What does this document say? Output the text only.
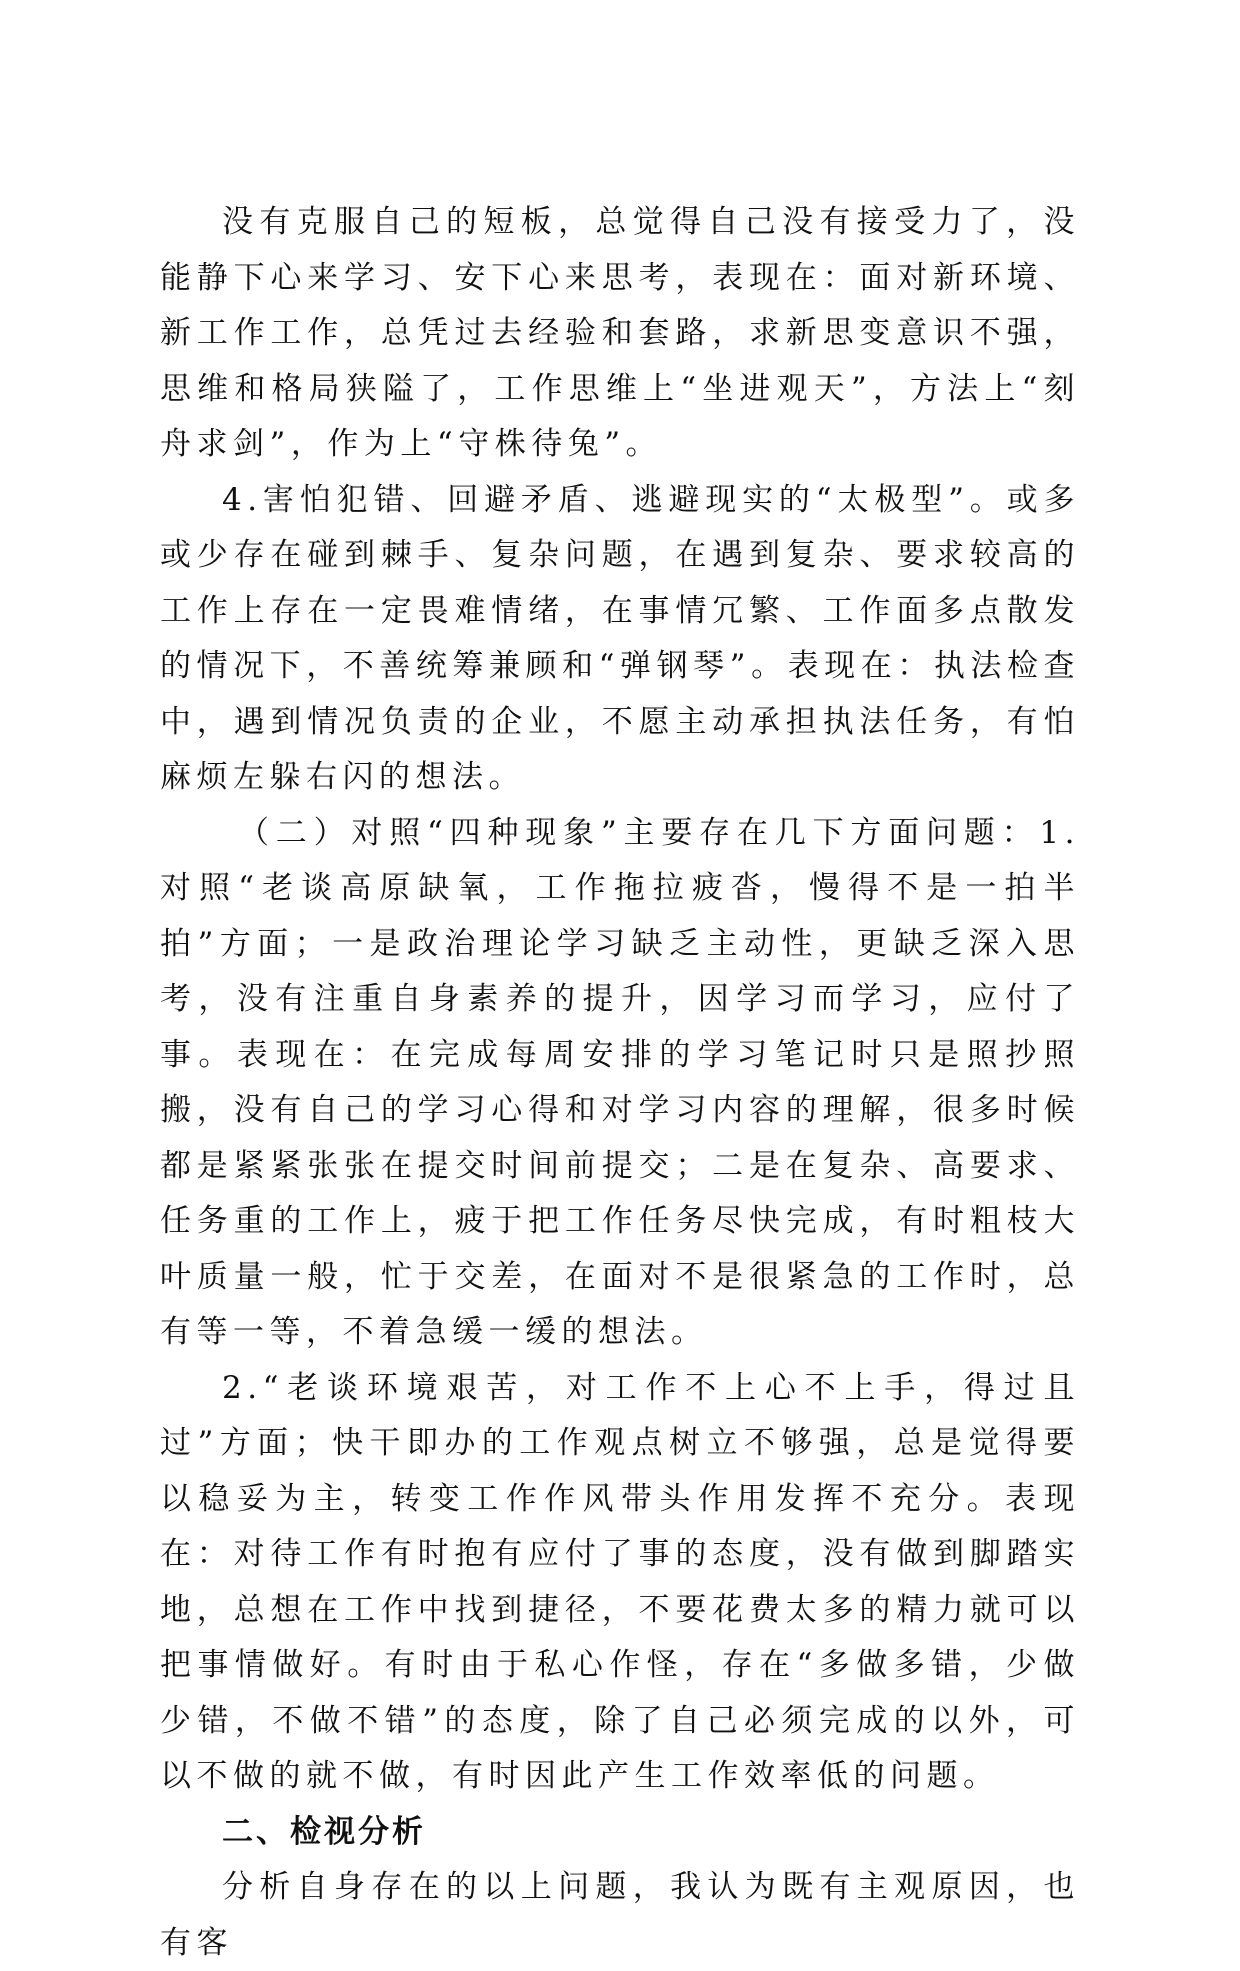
没有克服自己的短板，总觉得自己没有接受力了，没能静下心来学习、安下心来思考，表现在：面对新环境、新工作工作，总凭过去经验和套路，求新思变意识不强，思维和格局狭隘了，工作思维上“坐进观天”，方法上“刻舟求剑”，作为上“守株待兔”。

4.害怕犯错、回避矛盾、逃避现实的“太极型”。或多或少存在碰到棘手、复杂问题，在遇到复杂、要求较高的工作上存在一定畏难情绪，在事情冗繁、工作面多点散发的情况下，不善统筹兼顾和“弹钢琴”。表现在：执法检查中，遇到情况负责的企业，不愿主动承担执法任务，有怕麻烦左躲右闪的想法。

（二）对照“四种现象”主要存在几下方面问题：1.对照“老谈高原缺氧，工作拖拉疲沓，慢得不是一拍半拍”方面；一是政治理论学习缺乏主动性，更缺乏深入思考，没有注重自身素养的提升，因学习而学习，应付了事。表现在：在完成每周安排的学习笔记时只是照抄照搬，没有自己的学习心得和对学习内容的理解，很多时候都是紧紧张张在提交时间前提交；二是在复杂、高要求、任务重的工作上，疲于把工作任务尽快完成，有时粗枝大叶质量一般，忙于交差，在面对不是很紧急的工作时，总有等一等，不着急缓一缓的想法。

2.“老谈环境艰苦，对工作不上心不上手，得过且过”方面；快干即办的工作观点树立不够强，总是觉得要以稳妥为主，转变工作作风带头作用发挥不充分。表现在：对待工作有时抱有应付了事的态度，没有做到脚踏实地，总想在工作中找到捷径，不要花费太多的精力就可以把事情做好。有时由于私心作怪，存在“多做多错，少做少错，不做不错”的态度，除了自己必须完成的以外，可以不做的就不做，有时因此产生工作效率低的问题。

二、检视分析

分析自身存在的以上问题，我认为既有主观原因，也有客
